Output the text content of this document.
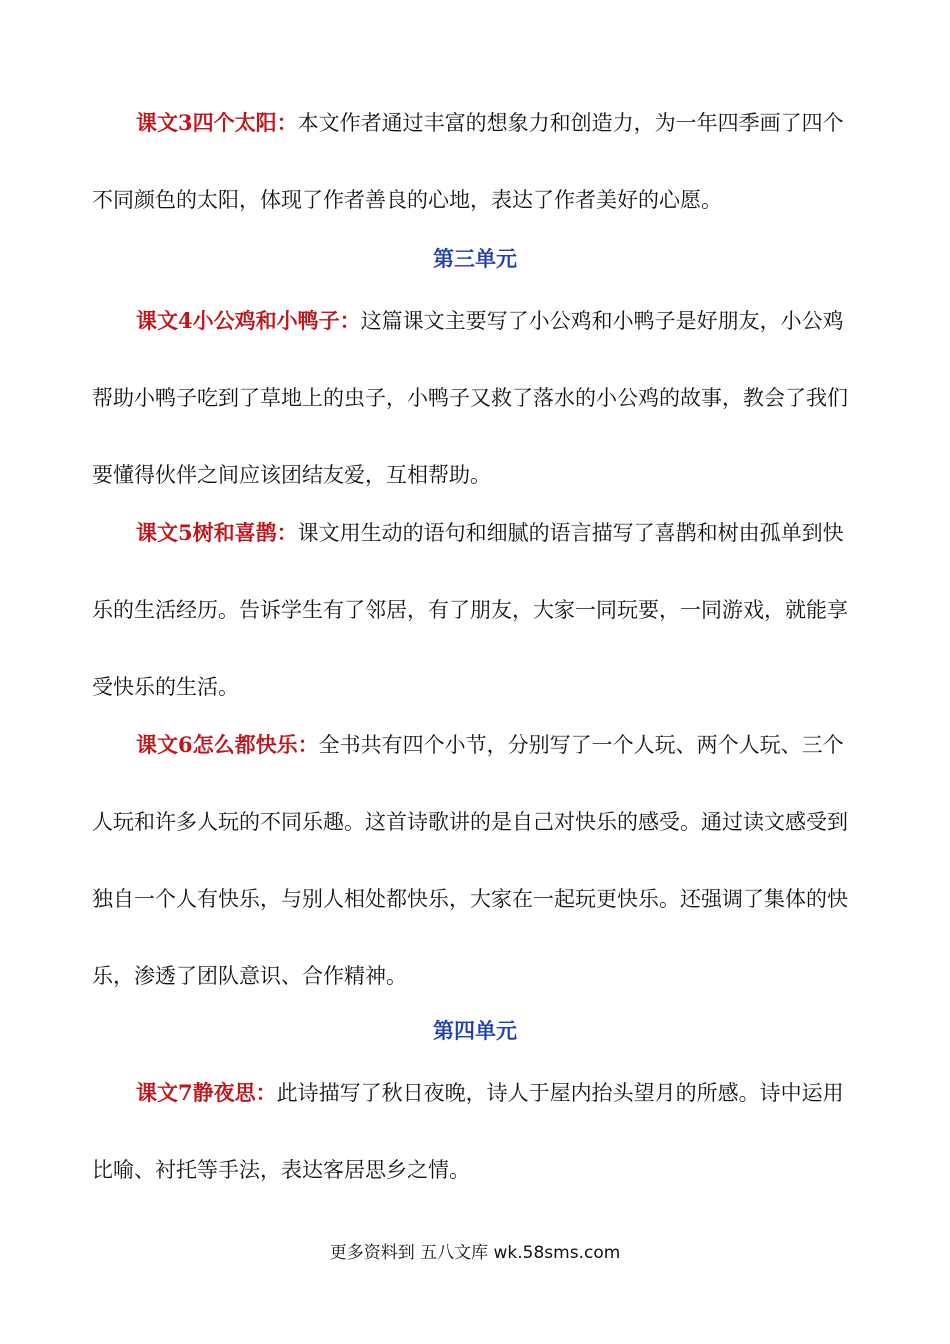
课文3四个太阳：本文作者通过丰富的想象力和创造力，为一年四季画了四个不同颜色的太阳，体现了作者善良的心地，表达了作者美好的心愿。

第三单元

课文4小公鸡和小鸭子：这篇课文主要写了小公鸡和小鸭子是好朋友，小公鸡帮助小鸭子吃到了草地上的虫子，小鸭子又救了落水的小公鸡的故事，教会了我们要懂得伙伴之间应该团结友爱，互相帮助。

课文5树和喜鹊：课文用生动的语句和细腻的语言描写了喜鹊和树由孤单到快乐的生活经历。告诉学生有了邻居，有了朋友，大家一同玩要，一同游戏，就能享受快乐的生活。

课文6怎么都快乐：全书共有四个小节，分别写了一个人玩、两个人玩、三个人玩和许多人玩的不同乐趣。这首诗歌讲的是自己对快乐的感受。通过读文感受到独自一个人有快乐，与别人相处都快乐，大家在一起玩更快乐。还强调了集体的快乐，渗透了团队意识、合作精神。

第四单元

课文7静夜思：此诗描写了秋日夜晚，诗人于屋内抬头望月的所感。诗中运用比喻、衬托等手法，表达客居思乡之情。

更多资料到 五八文库 wk.58sms.com
